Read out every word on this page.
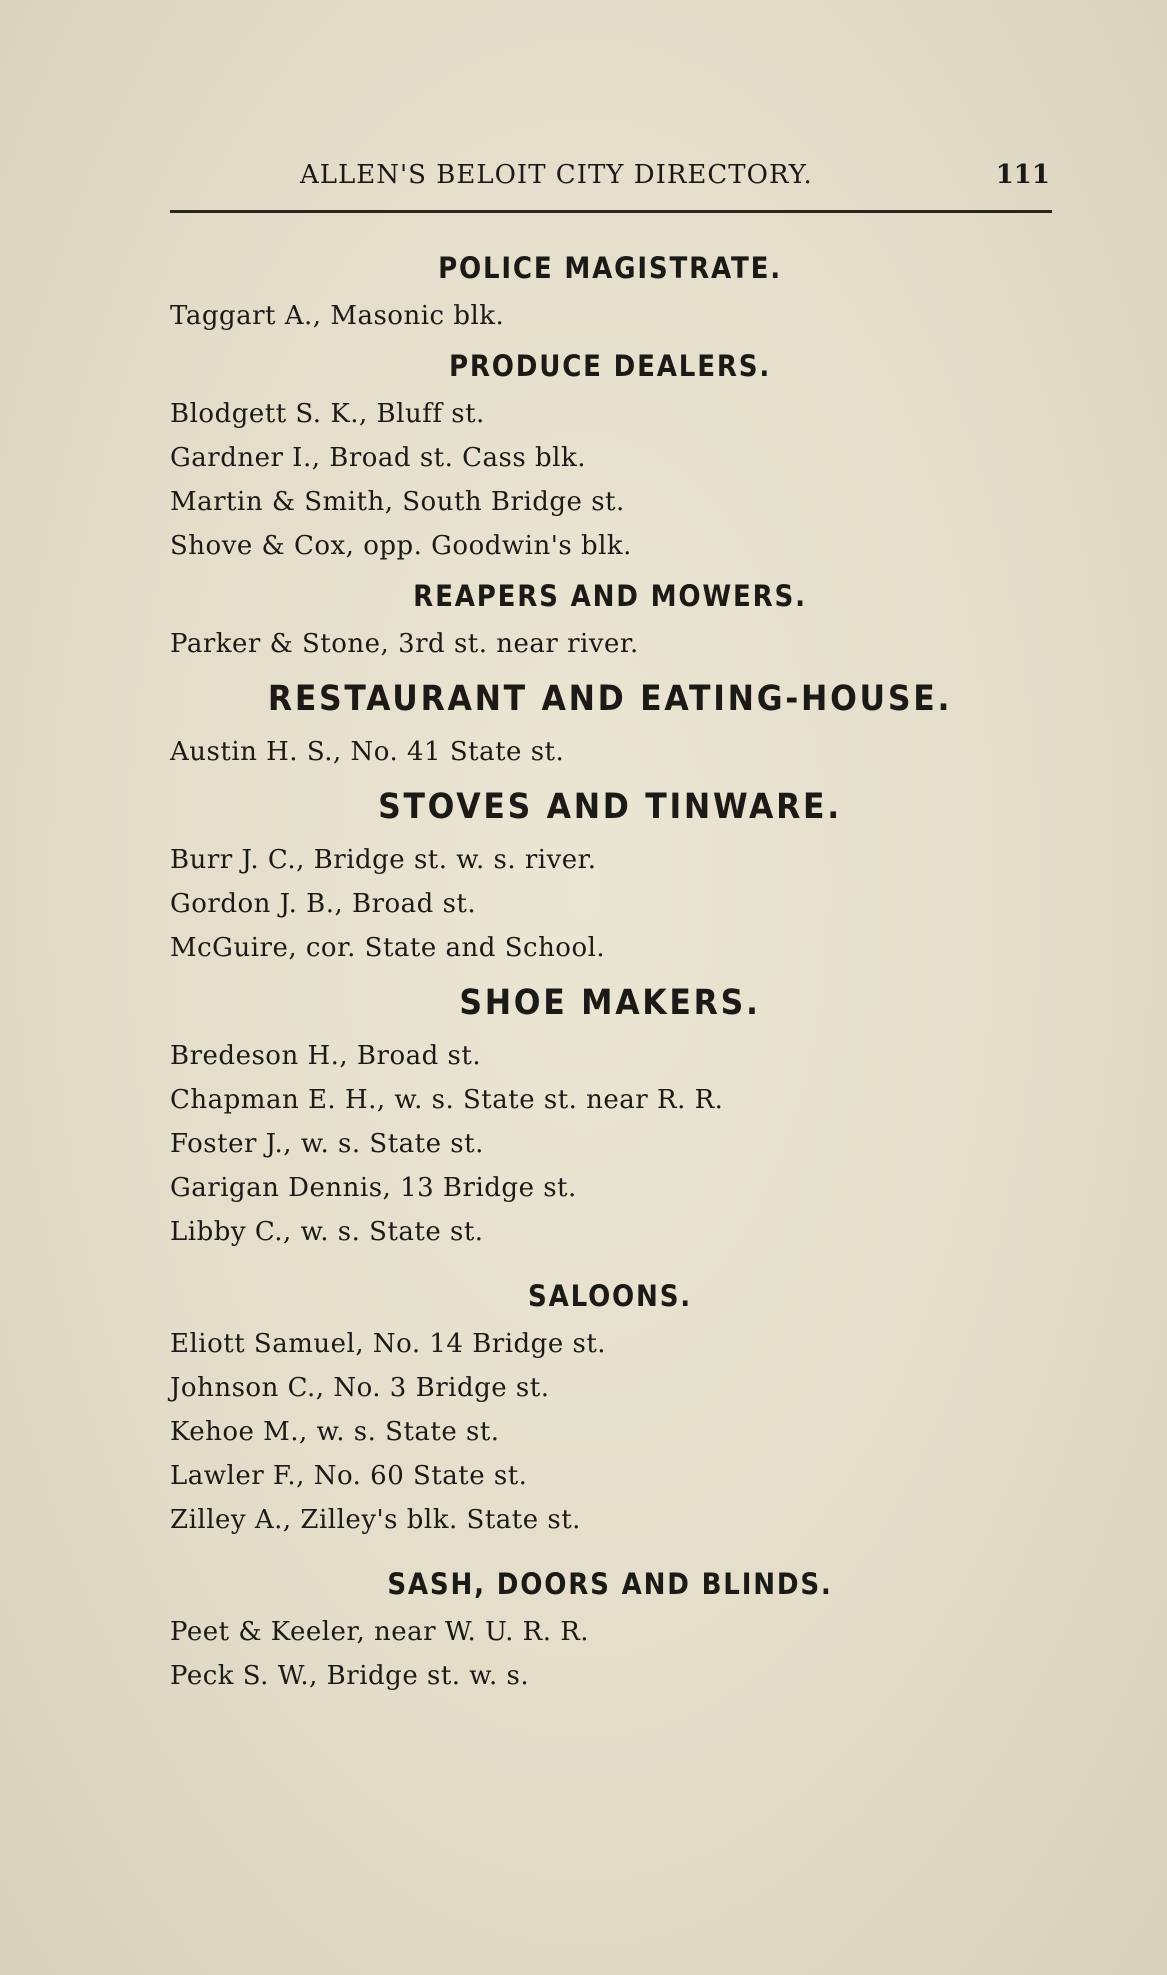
ALLEN'S BELOIT CITY DIRECTORY.	111
POLICE MAGISTRATE.
Taggart A., Masonic blk.
PRODUCE DEALERS.
Blodgett S. K., Bluff st.
Gardner I., Broad st. Cass blk.
Martin & Smith, South Bridge st.
Shove & Cox, opp. Goodwin's blk.
REAPERS AND MOWERS.
Parker & Stone, 3rd st. near river.
RESTAURANT AND EATING-HOUSE.
Austin H. S., No. 41 State st.
STOVES AND TINWARE.
Burr J. C., Bridge st. w. s. river.
Gordon J. B., Broad st.
McGuire, cor. State and School.
SHOE MAKERS.
Bredeson H., Broad st.
Chapman E. H., w. s. State st. near R. R.
Foster J., w. s. State st.
Garigan Dennis, 13 Bridge st.
Libby C., w. s. State st.
SALOONS.
Eliott Samuel, No. 14 Bridge st.
Johnson C., No. 3 Bridge st.
Kehoe M., w. s. State st.
Lawler F., No. 60 State st.
Zilley A., Zilley's blk. State st.
SASH, DOORS AND BLINDS.
Peet & Keeler, near W. U. R. R.
Peck S. W., Bridge st. w. s.
